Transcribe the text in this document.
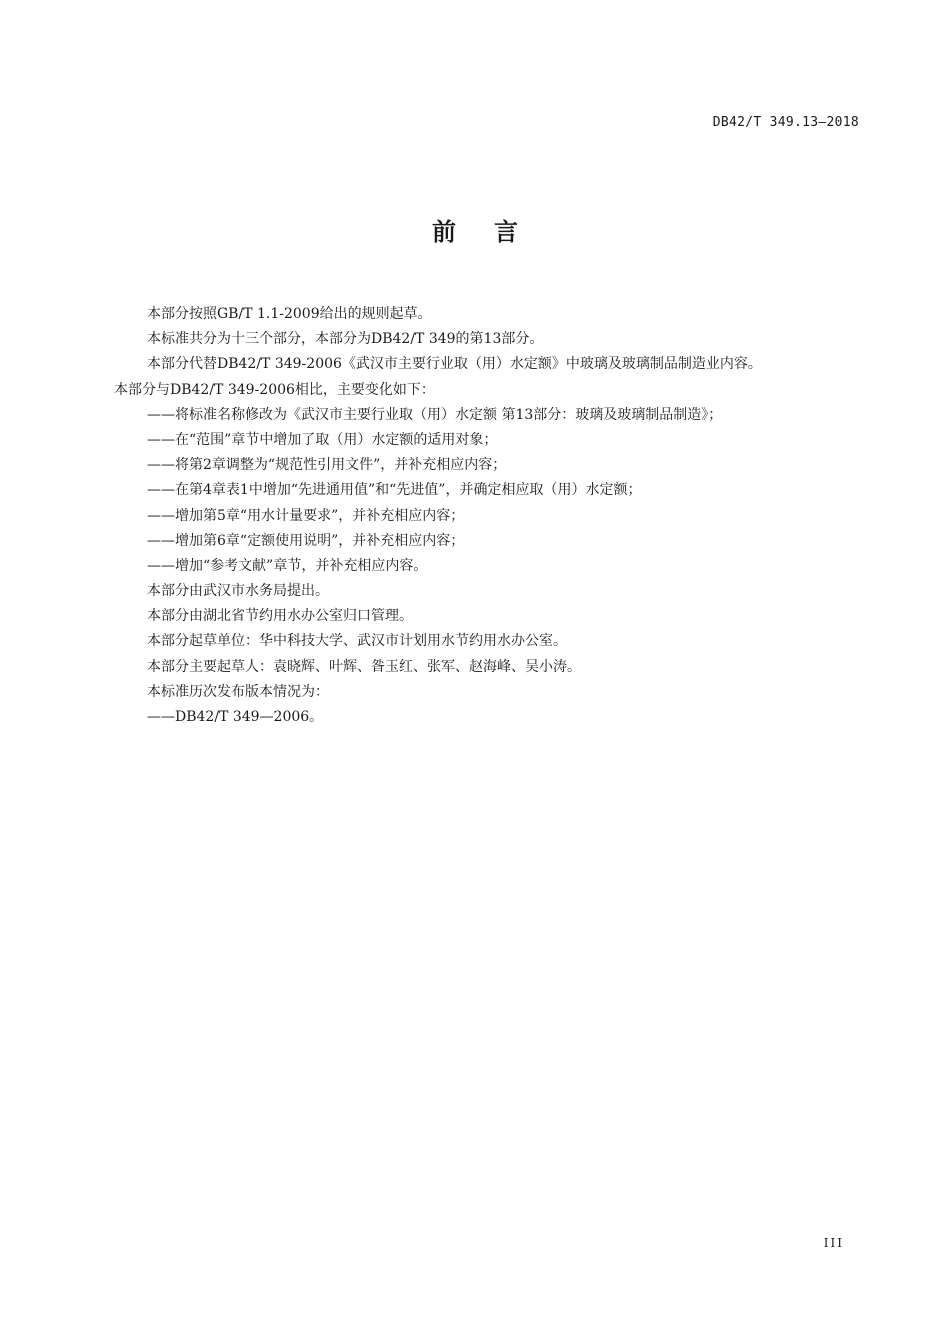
DB42/T 349.13—2018
前言
本部分按照GB/T 1.1-2009给出的规则起草。
本标准共分为十三个部分，本部分为DB42/T 349的第13部分。
本部分代替DB42/T 349-2006《武汉市主要行业取（用）水定额》中玻璃及玻璃制品制造业内容。
本部分与DB42/T 349-2006相比，主要变化如下：
——将标准名称修改为《武汉市主要行业取（用）水定额 第13部分：玻璃及玻璃制品制造》；
——在“范围”章节中增加了取（用）水定额的适用对象；
——将第2章调整为“规范性引用文件”，并补充相应内容；
——在第4章表1中增加“先进通用值”和“先进值”，并确定相应取（用）水定额；
——增加第5章“用水计量要求”，并补充相应内容；
——增加第6章“定额使用说明”，并补充相应内容；
——增加“参考文献”章节，并补充相应内容。
本部分由武汉市水务局提出。
本部分由湖北省节约用水办公室归口管理。
本部分起草单位：华中科技大学、武汉市计划用水节约用水办公室。
本部分主要起草人：袁晓辉、叶辉、昝玉红、张军、赵海峰、吴小涛。
本标准历次发布版本情况为：
——DB42/T 349—2006。
III
